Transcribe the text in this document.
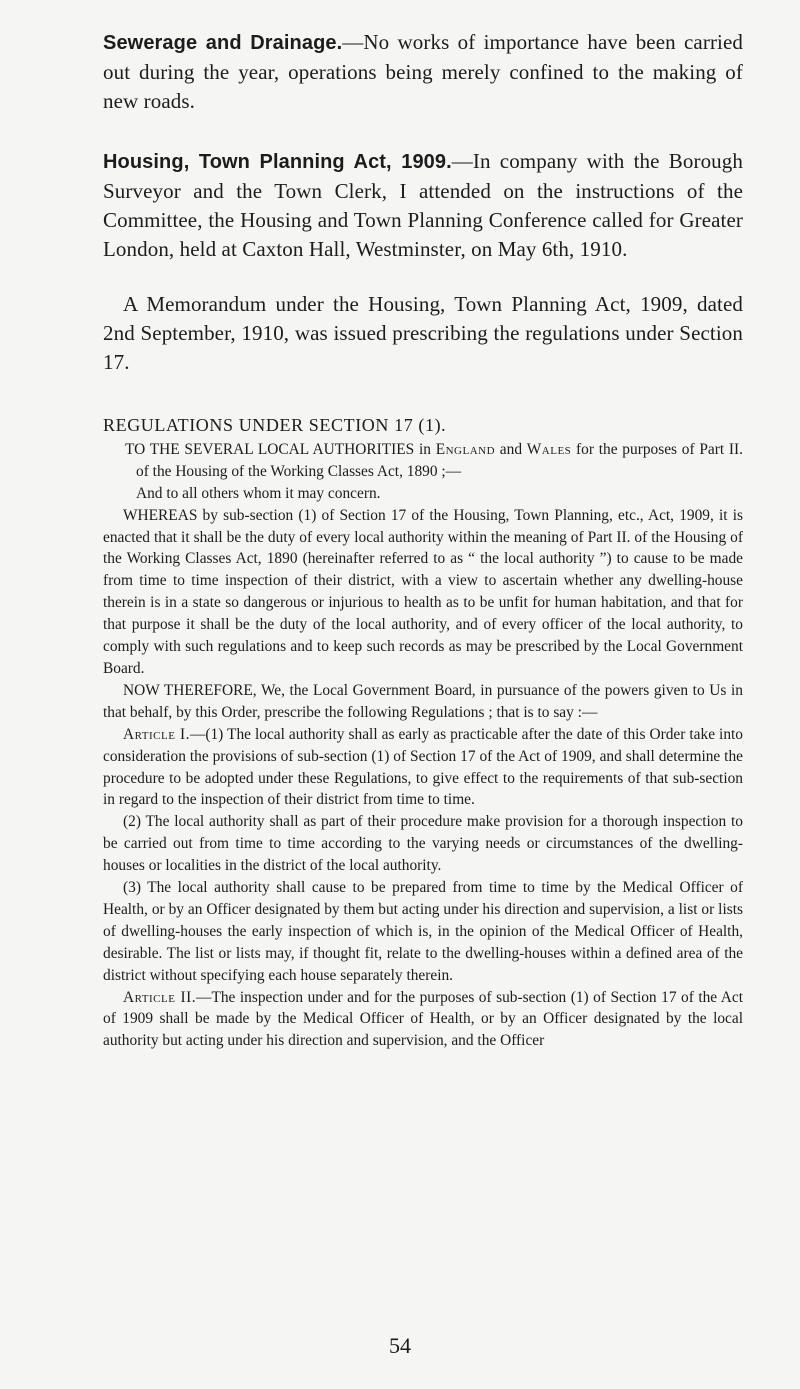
Sewerage and Drainage.—No works of importance have been carried out during the year, operations being merely confined to the making of new roads.

Housing, Town Planning Act, 1909.—In company with the Borough Surveyor and the Town Clerk, I attended on the instructions of the Committee, the Housing and Town Planning Conference called for Greater London, held at Caxton Hall, Westminster, on May 6th, 1910.

A Memorandum under the Housing, Town Planning Act, 1909, dated 2nd September, 1910, was issued prescribing the regulations under Section 17.

REGULATIONS UNDER SECTION 17 (1).

TO THE SEVERAL LOCAL AUTHORITIES in England and Wales for the purposes of Part II. of the Housing of the Working Classes Act, 1890 ;—

And to all others whom it may concern.

WHEREAS by sub-section (1) of Section 17 of the Housing, Town Planning, etc., Act, 1909, it is enacted that it shall be the duty of every local authority within the meaning of Part II. of the Housing of the Working Classes Act, 1890 (hereinafter referred to as “ the local authority ”) to cause to be made from time to time inspection of their district, with a view to ascertain whether any dwelling-house therein is in a state so dangerous or injurious to health as to be unfit for human habitation, and that for that purpose it shall be the duty of the local authority, and of every officer of the local authority, to comply with such regulations and to keep such records as may be prescribed by the Local Government Board.

NOW THEREFORE, We, the Local Government Board, in pursuance of the powers given to Us in that behalf, by this Order, prescribe the following Regulations ; that is to say :—

Article I.—(1) The local authority shall as early as practicable after the date of this Order take into consideration the provisions of sub-section (1) of Section 17 of the Act of 1909, and shall determine the procedure to be adopted under these Regulations, to give effect to the requirements of that sub-section in regard to the inspection of their district from time to time.

(2) The local authority shall as part of their procedure make provision for a thorough inspection to be carried out from time to time according to the varying needs or circumstances of the dwelling-houses or localities in the district of the local authority.

(3) The local authority shall cause to be prepared from time to time by the Medical Officer of Health, or by an Officer designated by them but acting under his direction and supervision, a list or lists of dwelling-houses the early inspection of which is, in the opinion of the Medical Officer of Health, desirable. The list or lists may, if thought fit, relate to the dwelling-houses within a defined area of the district without specifying each house separately therein.

Article II.—The inspection under and for the purposes of sub-section (1) of Section 17 of the Act of 1909 shall be made by the Medical Officer of Health, or by an Officer designated by the local authority but acting under his direction and supervision, and the Officer

54
